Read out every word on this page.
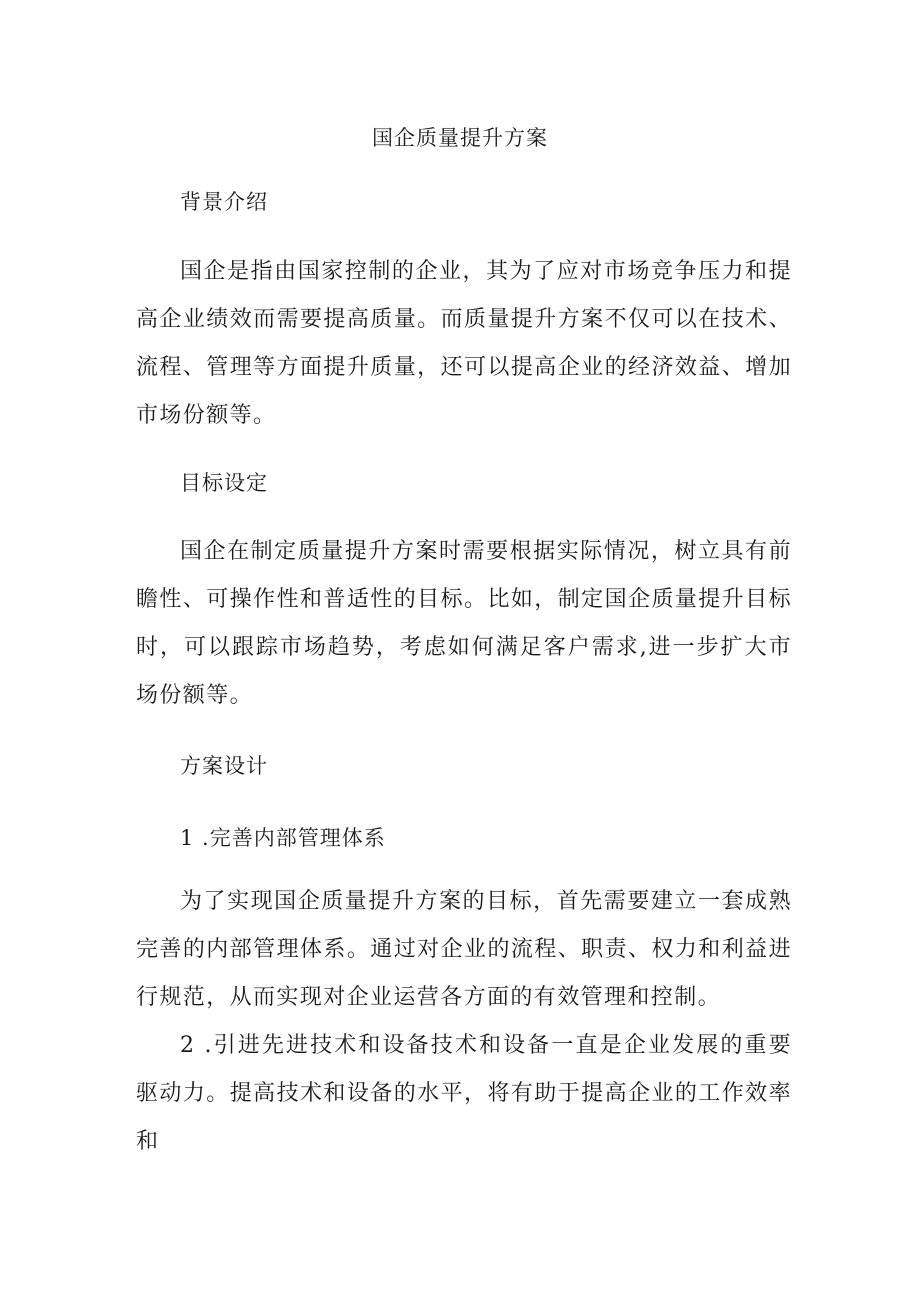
国企质量提升方案
背景介绍

国企是指由国家控制的企业，其为了应对市场竞争压力和提高企业绩效而需要提高质量。而质量提升方案不仅可以在技术、流程、管理等方面提升质量，还可以提高企业的经济效益、增加市场份额等。

目标设定

国企在制定质量提升方案时需要根据实际情况，树立具有前瞻性、可操作性和普适性的目标。比如，制定国企质量提升目标时，可以跟踪市场趋势，考虑如何满足客户需求,进一步扩大市场份额等。

方案设计
1 .完善内部管理体系

为了实现国企质量提升方案的目标，首先需要建立一套成熟完善的内部管理体系。通过对企业的流程、职责、权力和利益进行规范，从而实现对企业运营各方面的有效管理和控制。

2 .引进先进技术和设备技术和设备一直是企业发展的重要驱动力。提高技术和设备的水平，将有助于提高企业的工作效率和
